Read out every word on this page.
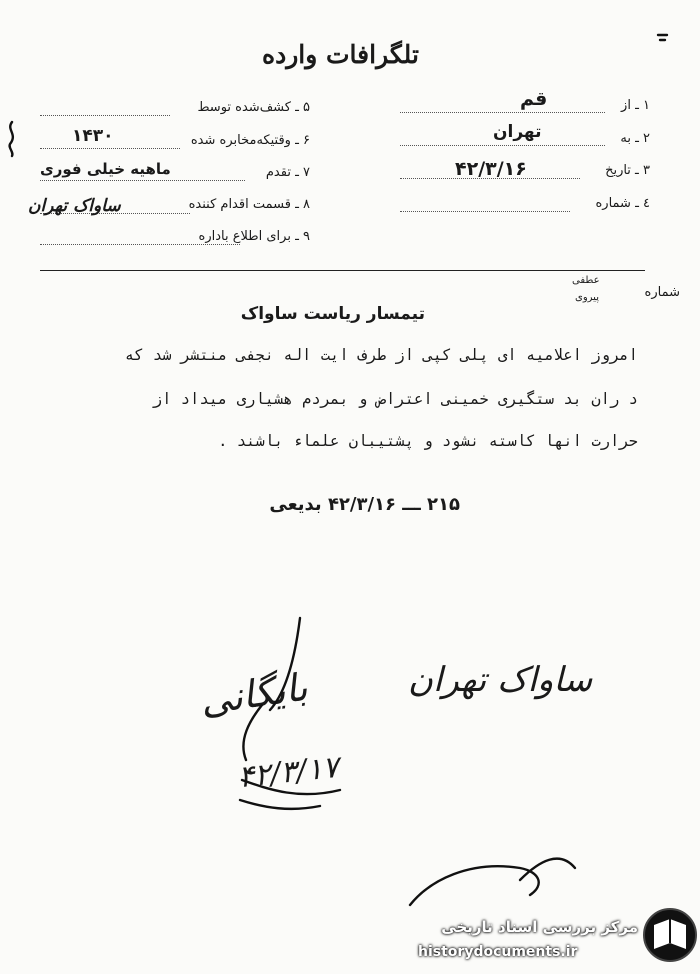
تلگرافات وارده
۱ ـ از
قم
۲ ـ به
تهران
۳ ـ تاریخ
۴۲/۳/۱۶
٤ ـ شماره
۵ ـ کشف‌شده توسط
۶ ـ وقتیکه‌مخابره شده
۱۴۳۰
۷ ـ تقدم
ماهیه خیلی فوری
۸ ـ قسمت اقدام کننده
ساواک تهران
۹ ـ برای اطلاع باداره
شماره
عطفی
پیروی
تیمسار ریاست ساواک
امروز اعلامیه ای پلی کپی از طرف ایت اله نجفی منتشر شد که
د ران بد ستگیری خمینی اعتراض و بمردم هشیاری میداد از
حرارت انها کاسته نشود و پشتیبان علماء باشند .
۲۱۵ ـــ ۴۲/۳/۱۶ بدیعی
ساواک تهران
بایگانی
۴۲/۳/۱۷
مرکز بررسی اسناد تاریخی
historydocuments.ir
